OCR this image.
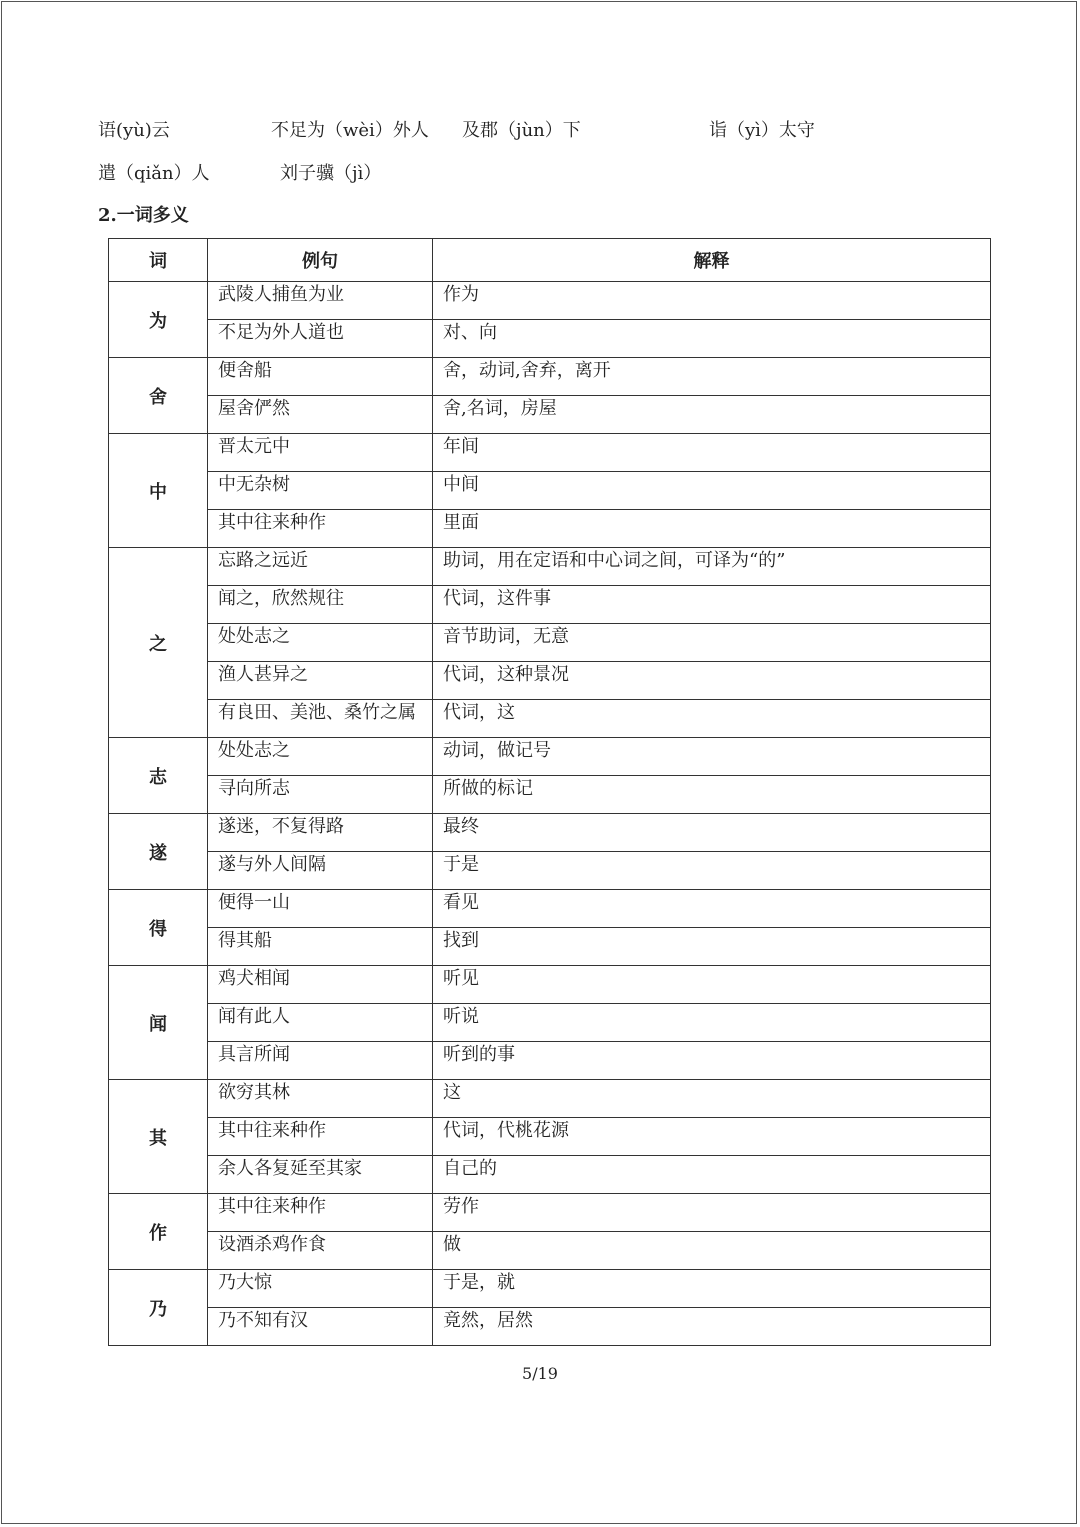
语(yù)云	不足为（wèi）外人 及郡（jùn）下	诣（yì）太守
遣（qiǎn）人	刘子骥（jì）
2.一词多义
词	例句	解释
为	武陵人捕鱼为业	作为

	不足为外人道也	对、向

舍	便舍船	舍，动词,舍弃，离开

	屋舍俨然	舍,名词，房屋

中	晋太元中	年间

	中无杂树	中间

	其中往来种作	里面

之	忘路之远近	助词，用在定语和中心词之间，可译为“的”

	闻之，欣然规往	代词，这件事

	处处志之	音节助词，无意

	渔人甚异之	代词，这种景况

	有良田、美池、桑竹之属	代词，这

志	处处志之	动词，做记号

	寻向所志	所做的标记

遂	遂迷，不复得路	最终

	遂与外人间隔	于是

得	便得一山	看见

	得其船	找到

闻	鸡犬相闻	听见

	闻有此人	听说

	具言所闻	听到的事

其	欲穷其林	这

	其中往来种作	代词，代桃花源

	余人各复延至其家	自己的

作	其中往来种作	劳作

	设酒杀鸡作食	做

乃	乃大惊	于是，就

	乃不知有汉	竟然，居然
5/19
